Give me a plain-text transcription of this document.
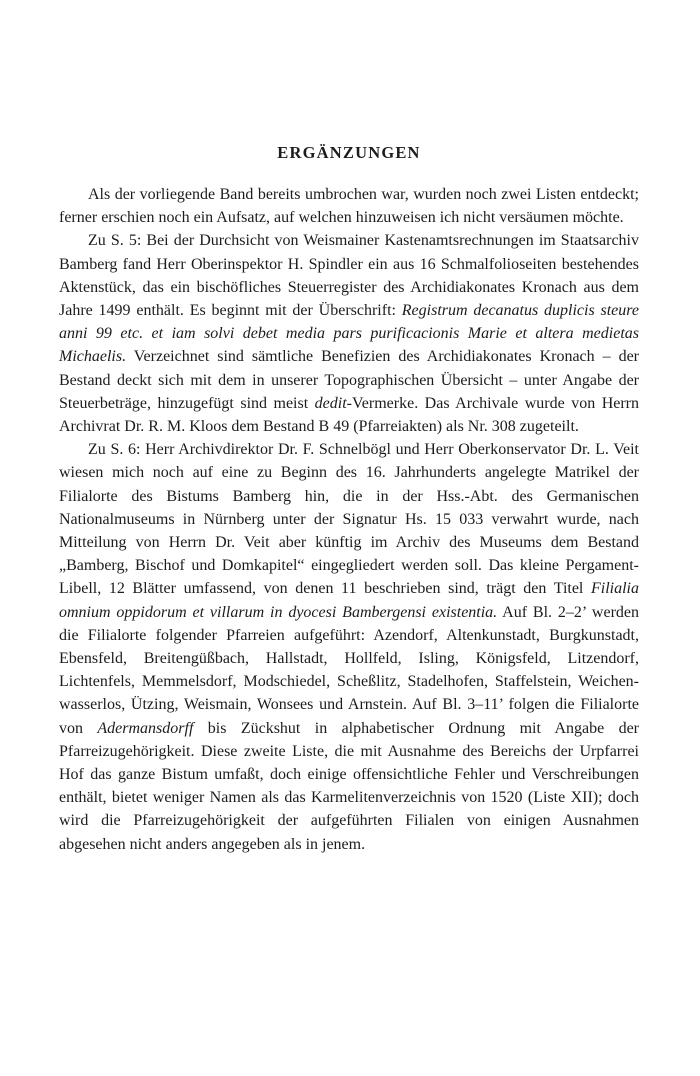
ERGÄNZUNGEN

Als der vorliegende Band bereits umbrochen war, wurden noch zwei Listen entdeckt; ferner erschien noch ein Aufsatz, auf welchen hinzuweisen ich nicht versäumen möchte.

Zu S. 5: Bei der Durchsicht von Weismainer Kastenamtsrechnungen im Staatsarchiv Bamberg fand Herr Oberinspektor H. Spindler ein aus 16 Schmalfolioseiten bestehendes Aktenstück, das ein bischöfliches Steuerregister des Archidiakonates Kronach aus dem Jahre 1499 enthält. Es beginnt mit der Überschrift: Registrum decanatus duplicis steure anni 99 etc. et iam solvi debet media pars purificacionis Marie et altera medietas Michaelis. Verzeichnet sind sämtliche Benefizien des Archidiakonates Kronach – der Bestand deckt sich mit dem in unserer Topographischen Übersicht – unter Angabe der Steuerbeträge, hinzugefügt sind meist dedit-Vermerke. Das Archivale wurde von Herrn Archivrat Dr. R. M. Kloos dem Bestand B 49 (Pfarreiakten) als Nr. 308 zugeteilt.

Zu S. 6: Herr Archivdirektor Dr. F. Schnelbögl und Herr Oberkonservator Dr. L. Veit wiesen mich noch auf eine zu Beginn des 16. Jahrhunderts angelegte Matrikel der Filialorte des Bistums Bamberg hin, die in der Hss.-Abt. des Germanischen Nationalmuseums in Nürnberg unter der Signatur Hs. 15 033 verwahrt wurde, nach Mitteilung von Herrn Dr. Veit aber künftig im Archiv des Museums dem Bestand „Bamberg, Bischof und Domkapitel“ eingegliedert werden soll. Das kleine Pergament-Libell, 12 Blätter umfassend, von denen 11 beschrieben sind, trägt den Titel Filialia omnium oppidorum et villarum in dyocesi Bambergensi existentia. Auf Bl. 2–2’ werden die Filialorte folgender Pfarreien aufgeführt: Azendorf, Altenkunstadt, Burgkunstadt, Ebensfeld, Breitengüßbach, Hallstadt, Hollfeld, Isling, Königsfeld, Litzendorf, Lichtenfels, Memmelsdorf, Modschiedel, Scheßlitz, Stadelhofen, Staffelstein, Weichenwasserlos, Ützing, Weismain, Wonsees und Arnstein. Auf Bl. 3–11’ folgen die Filialorte von Adermansdorff bis Zückshut in alphabetischer Ordnung mit Angabe der Pfarreizugehörigkeit. Diese zweite Liste, die mit Ausnahme des Bereichs der Urpfarrei Hof das ganze Bistum umfaßt, doch einige offensichtliche Fehler und Verschreibungen enthält, bietet weniger Namen als das Karmelitenverzeichnis von 1520 (Liste XII); doch wird die Pfarreizugehörigkeit der aufgeführten Filialen von einigen Ausnahmen abgesehen nicht anders angegeben als in jenem.
